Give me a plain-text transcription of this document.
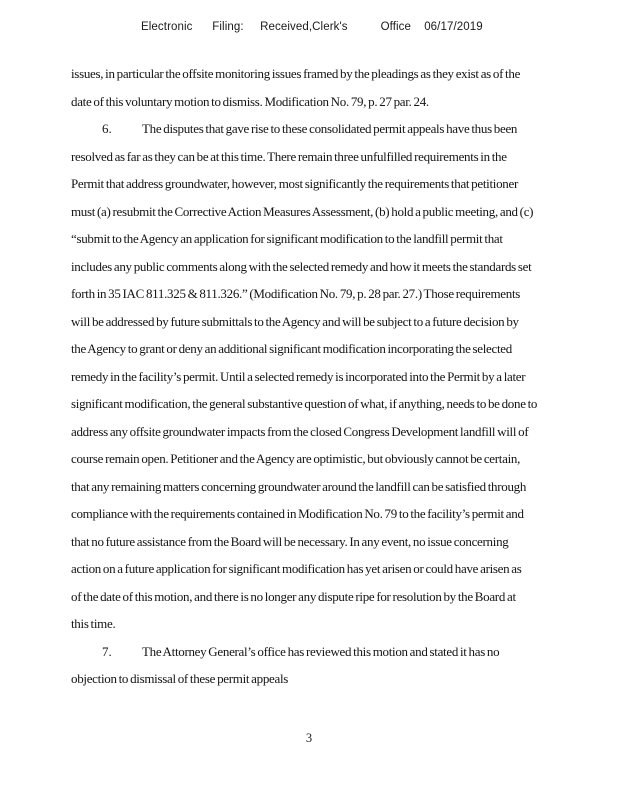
Electronic      Filing:     Received,Clerk's          Office    06/17/2019
issues, in particular the offsite monitoring issues framed by the pleadings as they exist as of the
date of this voluntary motion to dismiss. Modification No. 79, p. 27 par. 24.
6. The disputes that gave rise to these consolidated permit appeals have thus been
resolved as far as they can be at this time. There remain three unfulfilled requirements in the
Permit that address groundwater, however, most significantly the requirements that petitioner
must (a) resubmit the Corrective Action Measures Assessment, (b) hold a public meeting, and (c)
“submit to the Agency an application for significant modification to the landfill permit that
includes any public comments along with the selected remedy and how it meets the standards set
forth in 35 IAC 811.325 & 811.326.” (Modification No. 79, p. 28 par. 27.) Those requirements
will be addressed by future submittals to the Agency and will be subject to a future decision by
the Agency to grant or deny an additional significant modification incorporating the selected
remedy in the facility’s permit. Until a selected remedy is incorporated into the Permit by a later
significant modification, the general substantive question of what, if anything, needs to be done to
address any offsite groundwater impacts from the closed Congress Development landfill will of
course remain open. Petitioner and the Agency are optimistic, but obviously cannot be certain,
that any remaining matters concerning groundwater around the landfill can be satisfied through
compliance with the requirements contained in Modification No. 79 to the facility’s permit and
that no future assistance from the Board will be necessary. In any event, no issue concerning
action on a future application for significant modification has yet arisen or could have arisen as
of the date of this motion, and there is no longer any dispute ripe for resolution by the Board at
this time.
7. The Attorney General’s office has reviewed this motion and stated it has no
objection to dismissal of these permit appeals
3
